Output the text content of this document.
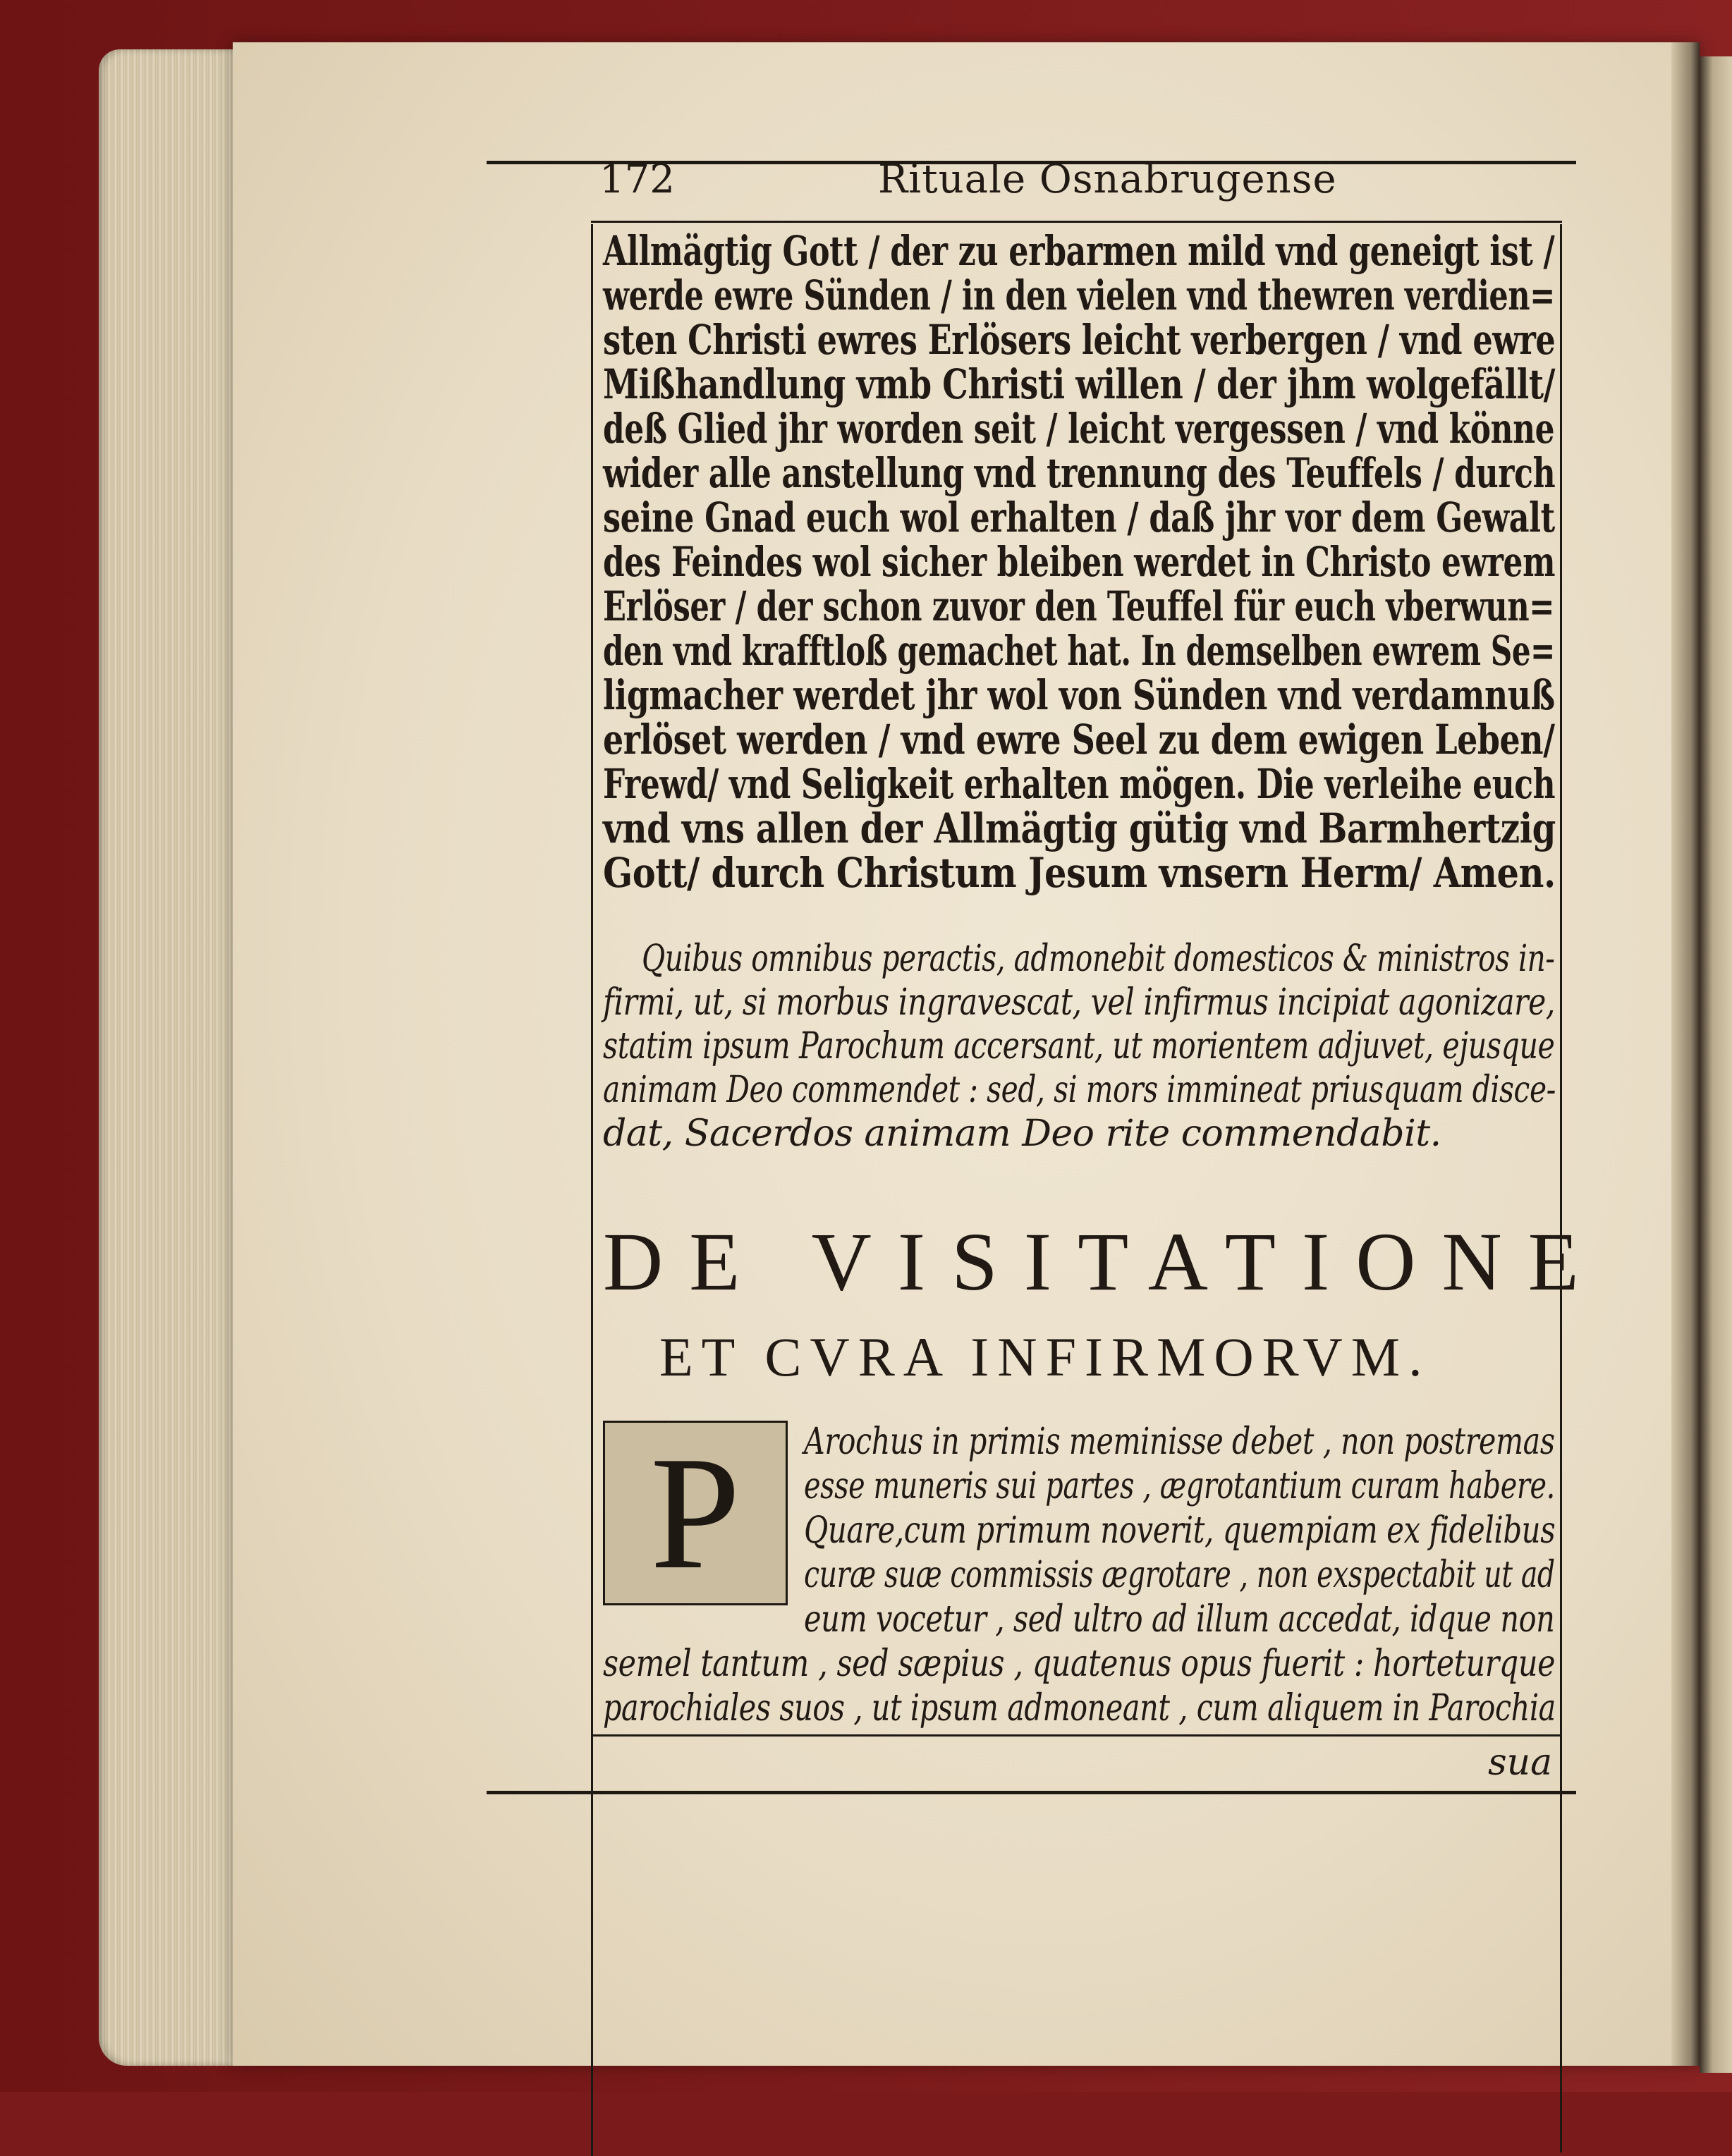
172	Rituale Osnabrugense
Allmägtig Gott / der zu erbarmen mild vnd geneigt ist /
werde ewre Sünden / in den vielen vnd thewren verdien=
sten Christi ewres Erlösers leicht verbergen / vnd ewre
Mißhandlung vmb Christi willen / der jhm wolgefällt/
deß Glied jhr worden seit / leicht vergessen / vnd könne
wider alle anstellung vnd trennung des Teuffels / durch
seine Gnad euch wol erhalten / daß jhr vor dem Gewalt
des Feindes wol sicher bleiben werdet in Christo ewrem
Erlöser / der schon zuvor den Teuffel für euch vberwun=
den vnd krafftloß gemachet hat. In demselben ewrem Se=
ligmacher werdet jhr wol von Sünden vnd verdamnuß
erlöset werden / vnd ewre Seel zu dem ewigen Leben/
Frewd/ vnd Seligkeit erhalten mögen. Die verleihe euch
vnd vns allen der Allmägtig gütig vnd Barmhertzig
Gott/ durch Christum Jesum vnsern Herm/ Amen.
Quibus omnibus peractis, admonebit domesticos & ministros in-
firmi, ut, si morbus ingravescat, vel infirmus incipiat agonizare,
statim ipsum Parochum accersant, ut morientem adjuvet, ejusque
animam Deo commendet : sed, si mors immineat priusquam disce-
dat, Sacerdos animam Deo rite commendabit.
DE VISITATIONE
ET CVRA INFIRMORVM.
P Arochus in primis meminisse debet , non postremas
esse muneris sui partes , ægrotantium curam habere.
Quare,cum primum noverit, quempiam ex fidelibus
curæ suæ commissis ægrotare , non exspectabit ut ad
eum vocetur , sed ultro ad illum accedat, idque non
semel tantum , sed sæpius , quatenus opus fuerit : horteturque
parochiales suos , ut ipsum admoneant , cum aliquem in Parochia
sua
